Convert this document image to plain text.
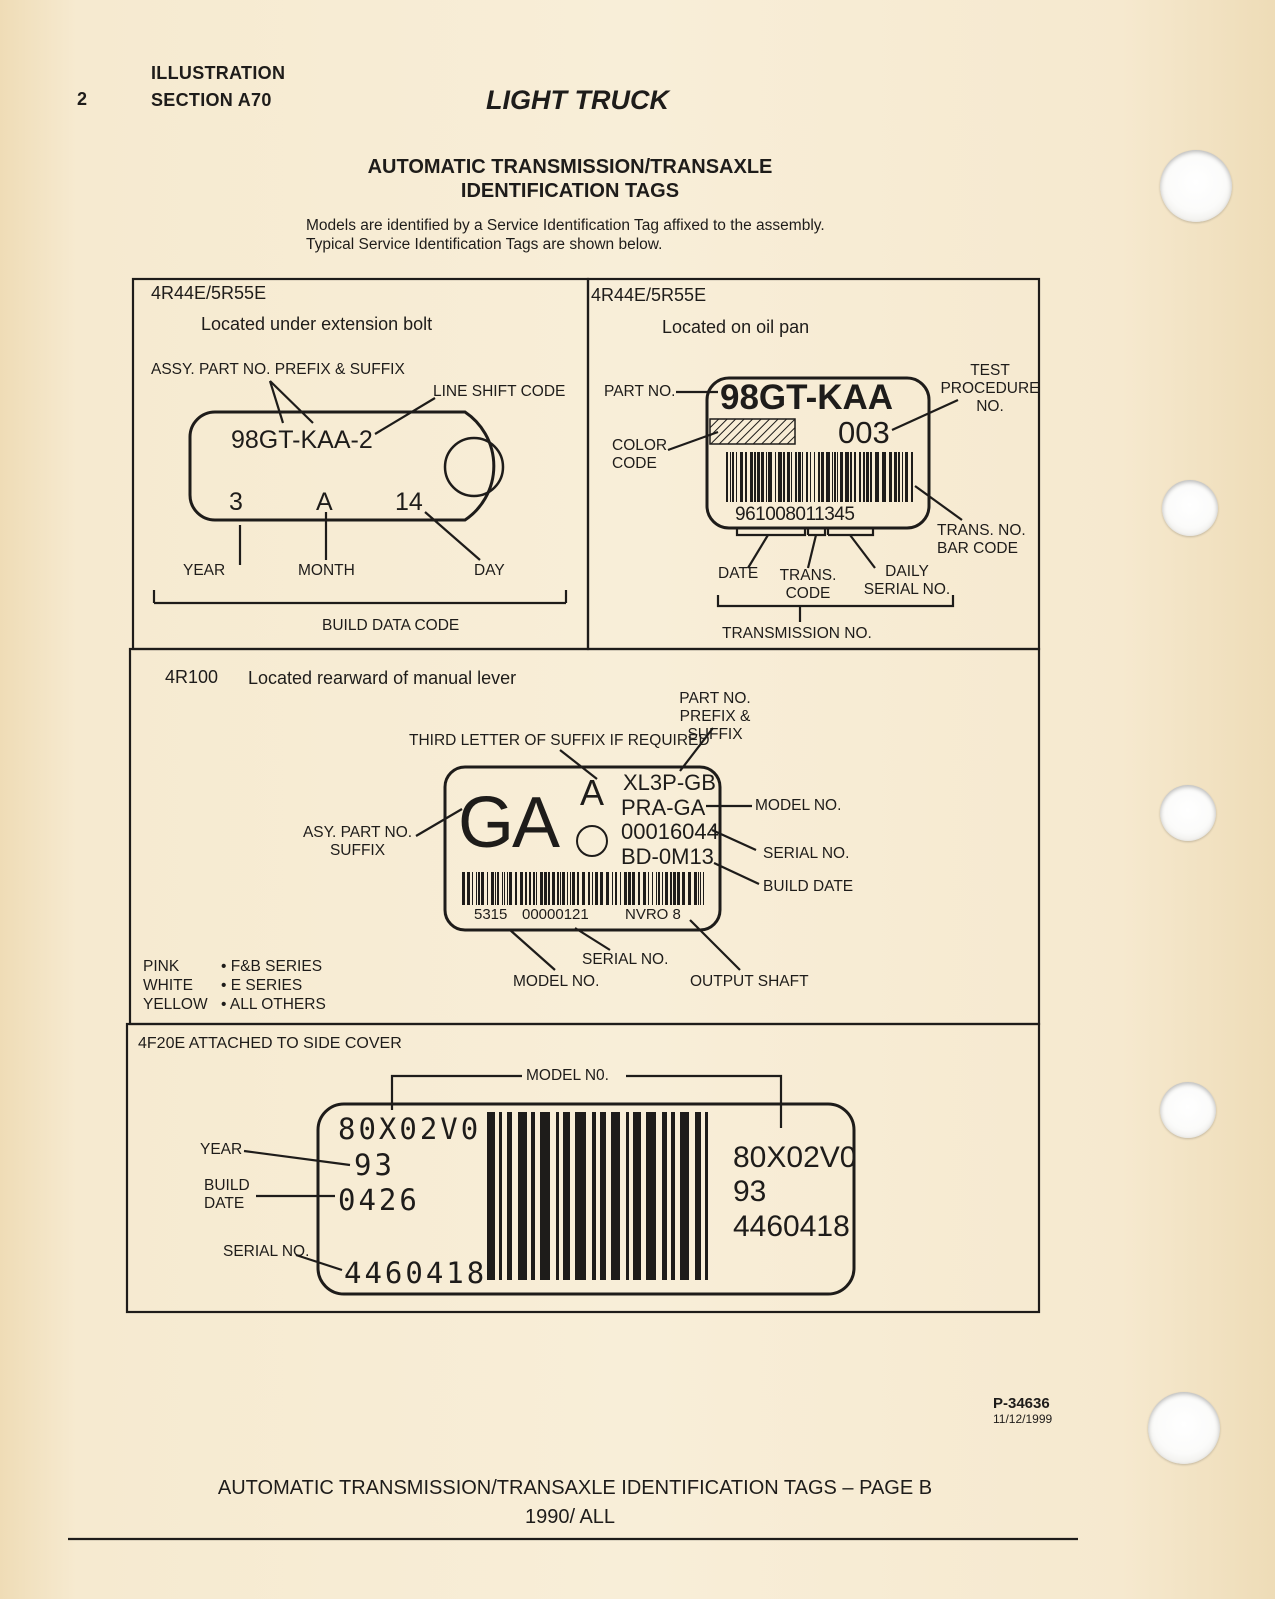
2
ILLUSTRATION
SECTION A70	LIGHT TRUCK
AUTOMATIC TRANSMISSION/TRANSAXLE
IDENTIFICATION TAGS
Models are identified by a Service Identification Tag affixed to the assembly.
Typical Service Identification Tags are shown below.
4R44E/5R55E
Located under extension bolt
ASSY. PART NO. PREFIX & SUFFIX
LINE SHIFT CODE
98GT-KAA-2
3	A 14
YEAR	MONTH	DAY
BUILD DATA CODE
4R44E/5R55E
Located on oil pan
PART NO.
COLOR CODE
TEST PROCEDURE NO.
TRANS. NO. BAR CODE
98GT-KAA
003
961008011345
DATE TRANS. CODE
DAILY SERIAL NO.
TRANSMISSION NO.
4R100 Located rearward of manual lever
PART NO. PREFIX & SUFFIX
THIRD LETTER OF SUFFIX IF REQUIRED
ASY. PART NO. SUFFIX	GA A XL3P-GB
PRA-GA
00016044
BD-0M13
MODEL NO.
SERIAL NO.
BUILD DATE
5315 00000121 NVRO 8
SERIAL NO.
MODEL NO.	OUTPUT SHAFT
PINK	• F&B SERIES
WHITE	• E SERIES
YELLOW • ALL OTHERS
4F20E ATTACHED TO SIDE COVER
MODEL N0.
YEAR
BUILD DATE
SERIAL NO.
80X02V0
93
0426
4460418
80X02V0
93
4460418
P-34636
11/12/1999
AUTOMATIC TRANSMISSION/TRANSAXLE IDENTIFICATION TAGS – PAGE B
1990/ ALL
